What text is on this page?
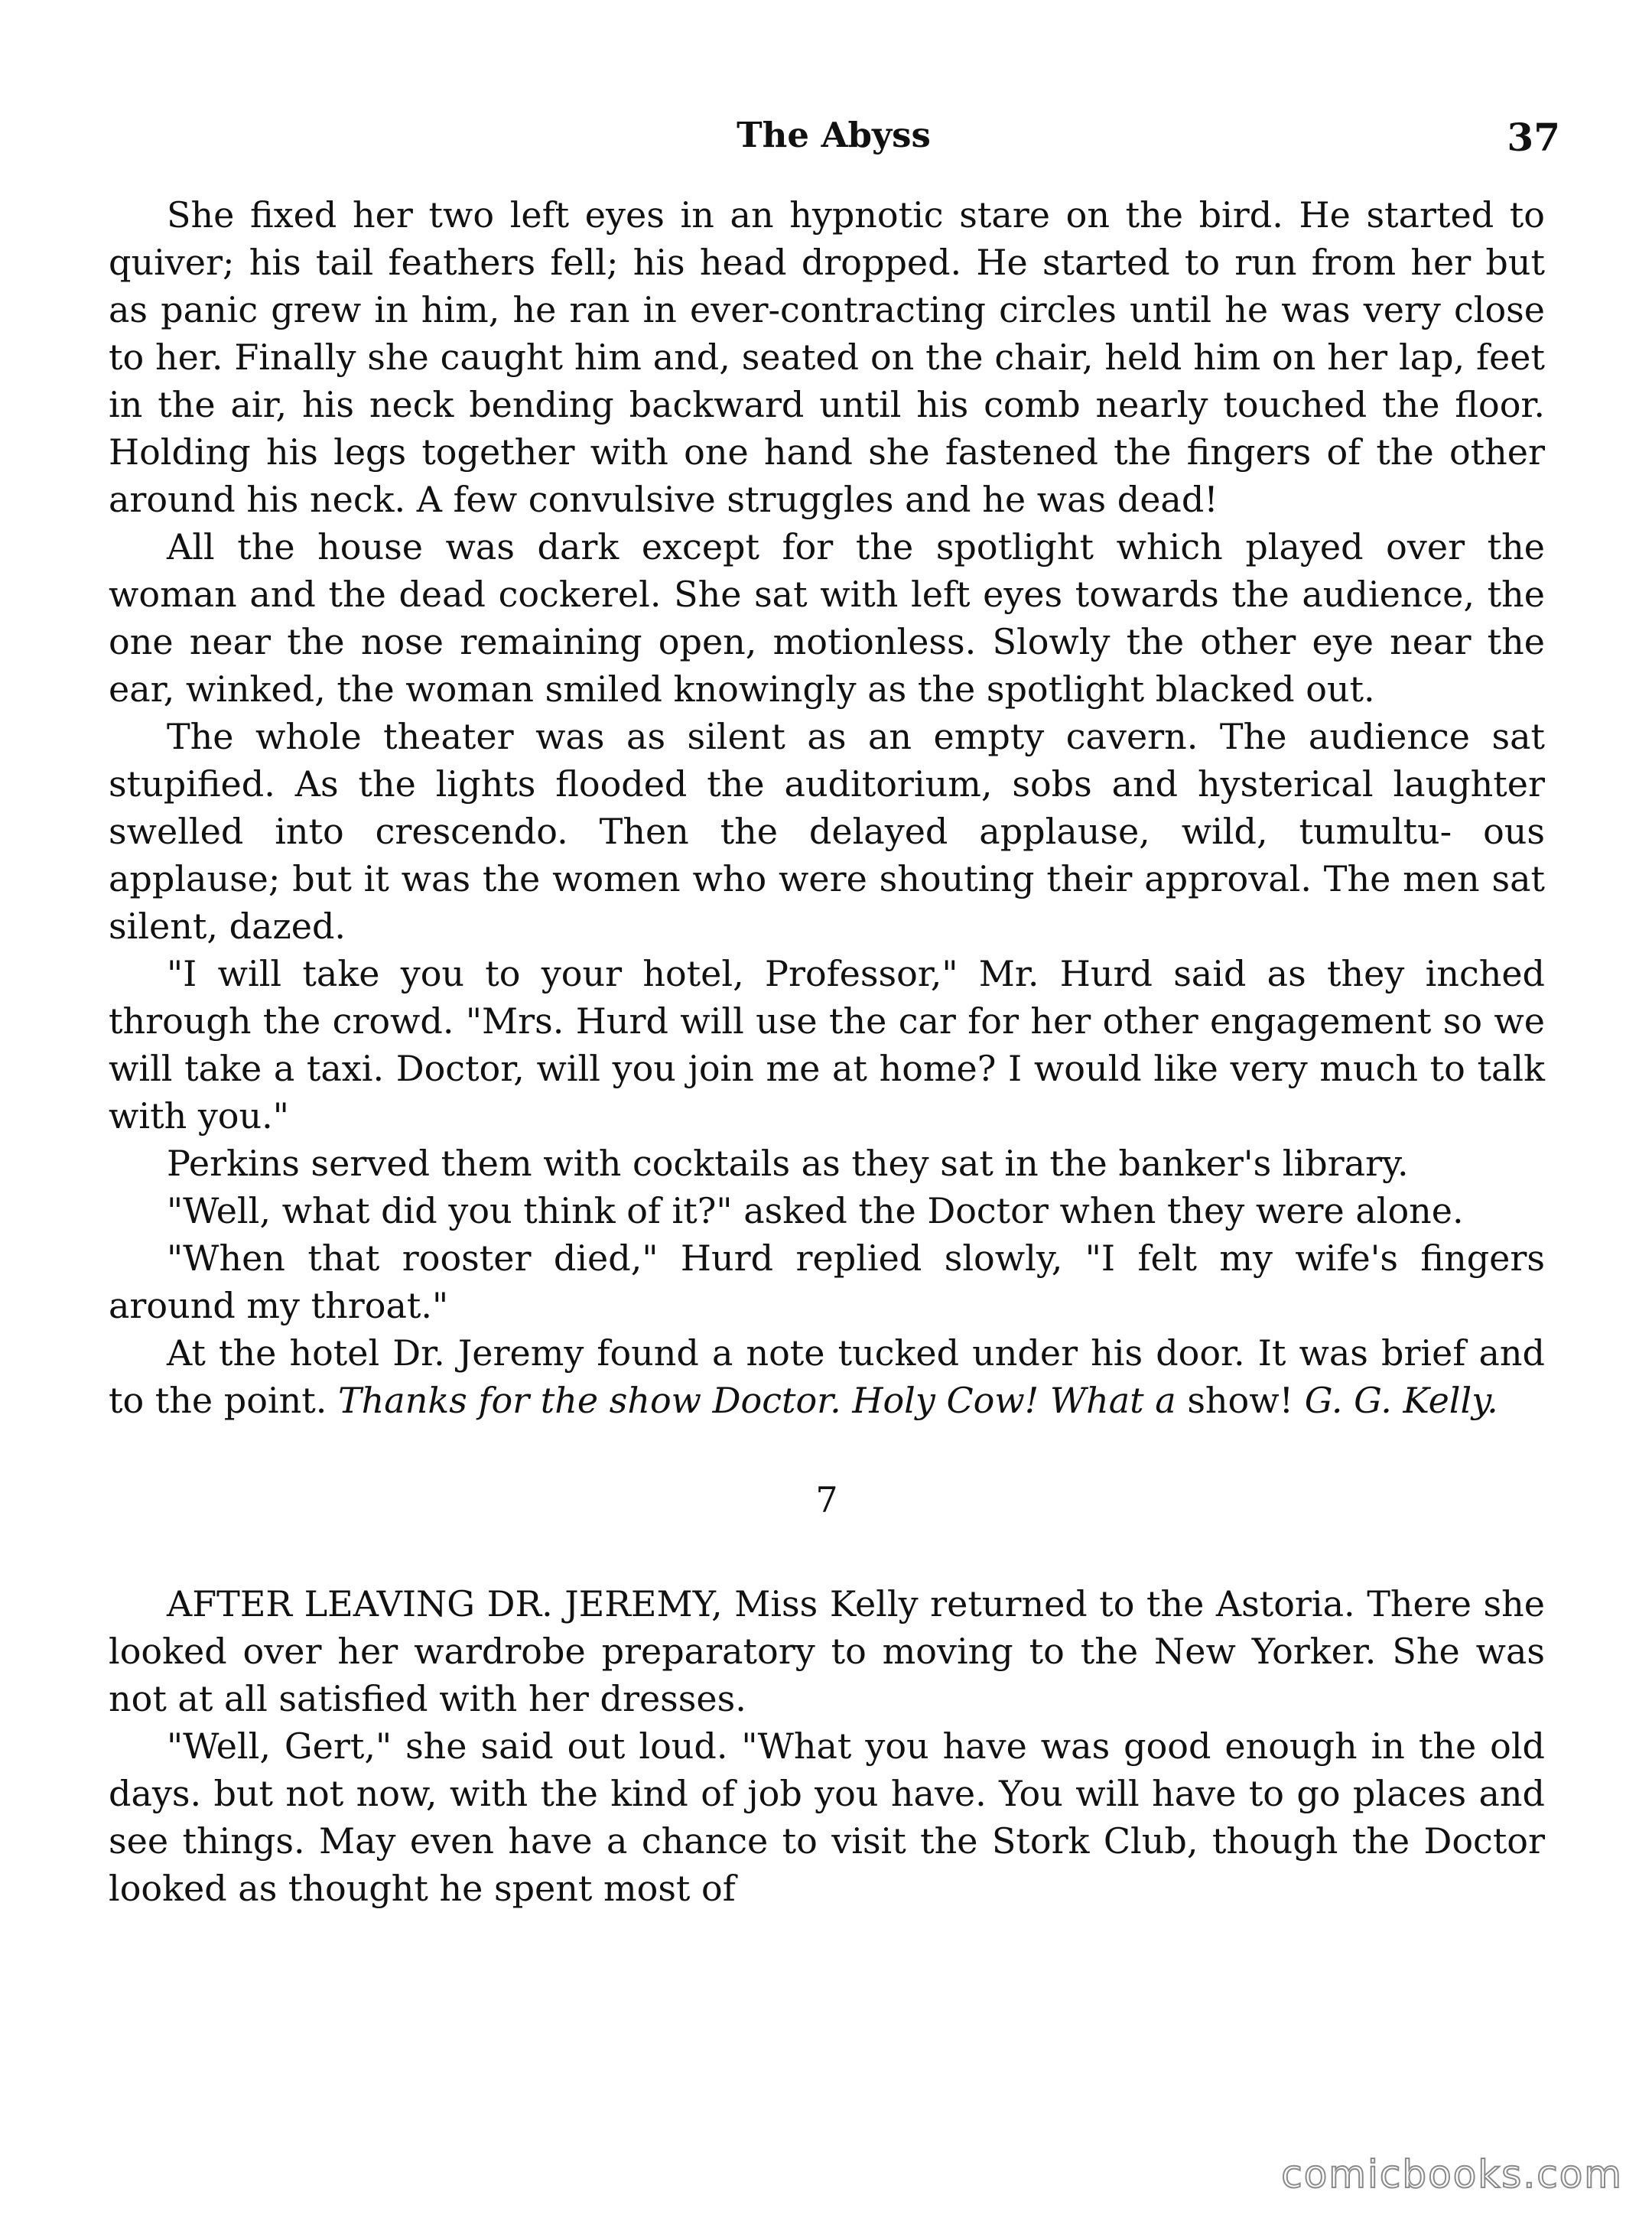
The Abyss	37

She fixed her two left eyes in an hypnotic stare on the bird. He started to quiver; his tail feathers fell; his head dropped. He started to run from her but as panic grew in him, he ran in ever-contracting circles until he was very close to her. Finally she caught him and, seated on the chair, held him on her lap, feet in the air, his neck bending backward until his comb nearly touched the floor. Holding his legs together with one hand she fastened the fingers of the other around his neck. A few convulsive struggles and he was dead!

All the house was dark except for the spotlight which played over the woman and the dead cockerel. She sat with left eyes towards the audience, the one near the nose remaining open, motionless. Slowly the other eye near the ear, winked, the woman smiled knowingly as the spotlight blacked out.

The whole theater was as silent as an empty cavern. The audience sat stupified. As the lights flooded the auditorium, sobs and hysterical laughter swelled into crescendo. Then the delayed applause, wild, tumultu- ous applause; but it was the women who were shouting their approval. The men sat silent, dazed.

"I will take you to your hotel, Professor," Mr. Hurd said as they inched through the crowd. "Mrs. Hurd will use the car for her other engagement so we will take a taxi. Doctor, will you join me at home? I would like very much to talk with you."

Perkins served them with cocktails as they sat in the banker's library.

"Well, what did you think of it?" asked the Doctor when they were alone.

"When that rooster died," Hurd replied slowly, "I felt my wife's fingers around my throat."

At the hotel Dr. Jeremy found a note tucked under his door. It was brief and to the point. Thanks for the show Doctor. Holy Cow! What a show! G. G. Kelly.

7

AFTER LEAVING DR. JEREMY, Miss Kelly returned to the Astoria. There she looked over her wardrobe preparatory to moving to the New Yorker. She was not at all satisfied with her dresses.

"Well, Gert," she said out loud. "What you have was good enough in the old days. but not now, with the kind of job you have. You will have to go places and see things. May even have a chance to visit the Stork Club, though the Doctor looked as thought he spent most of

comicbooks.com
